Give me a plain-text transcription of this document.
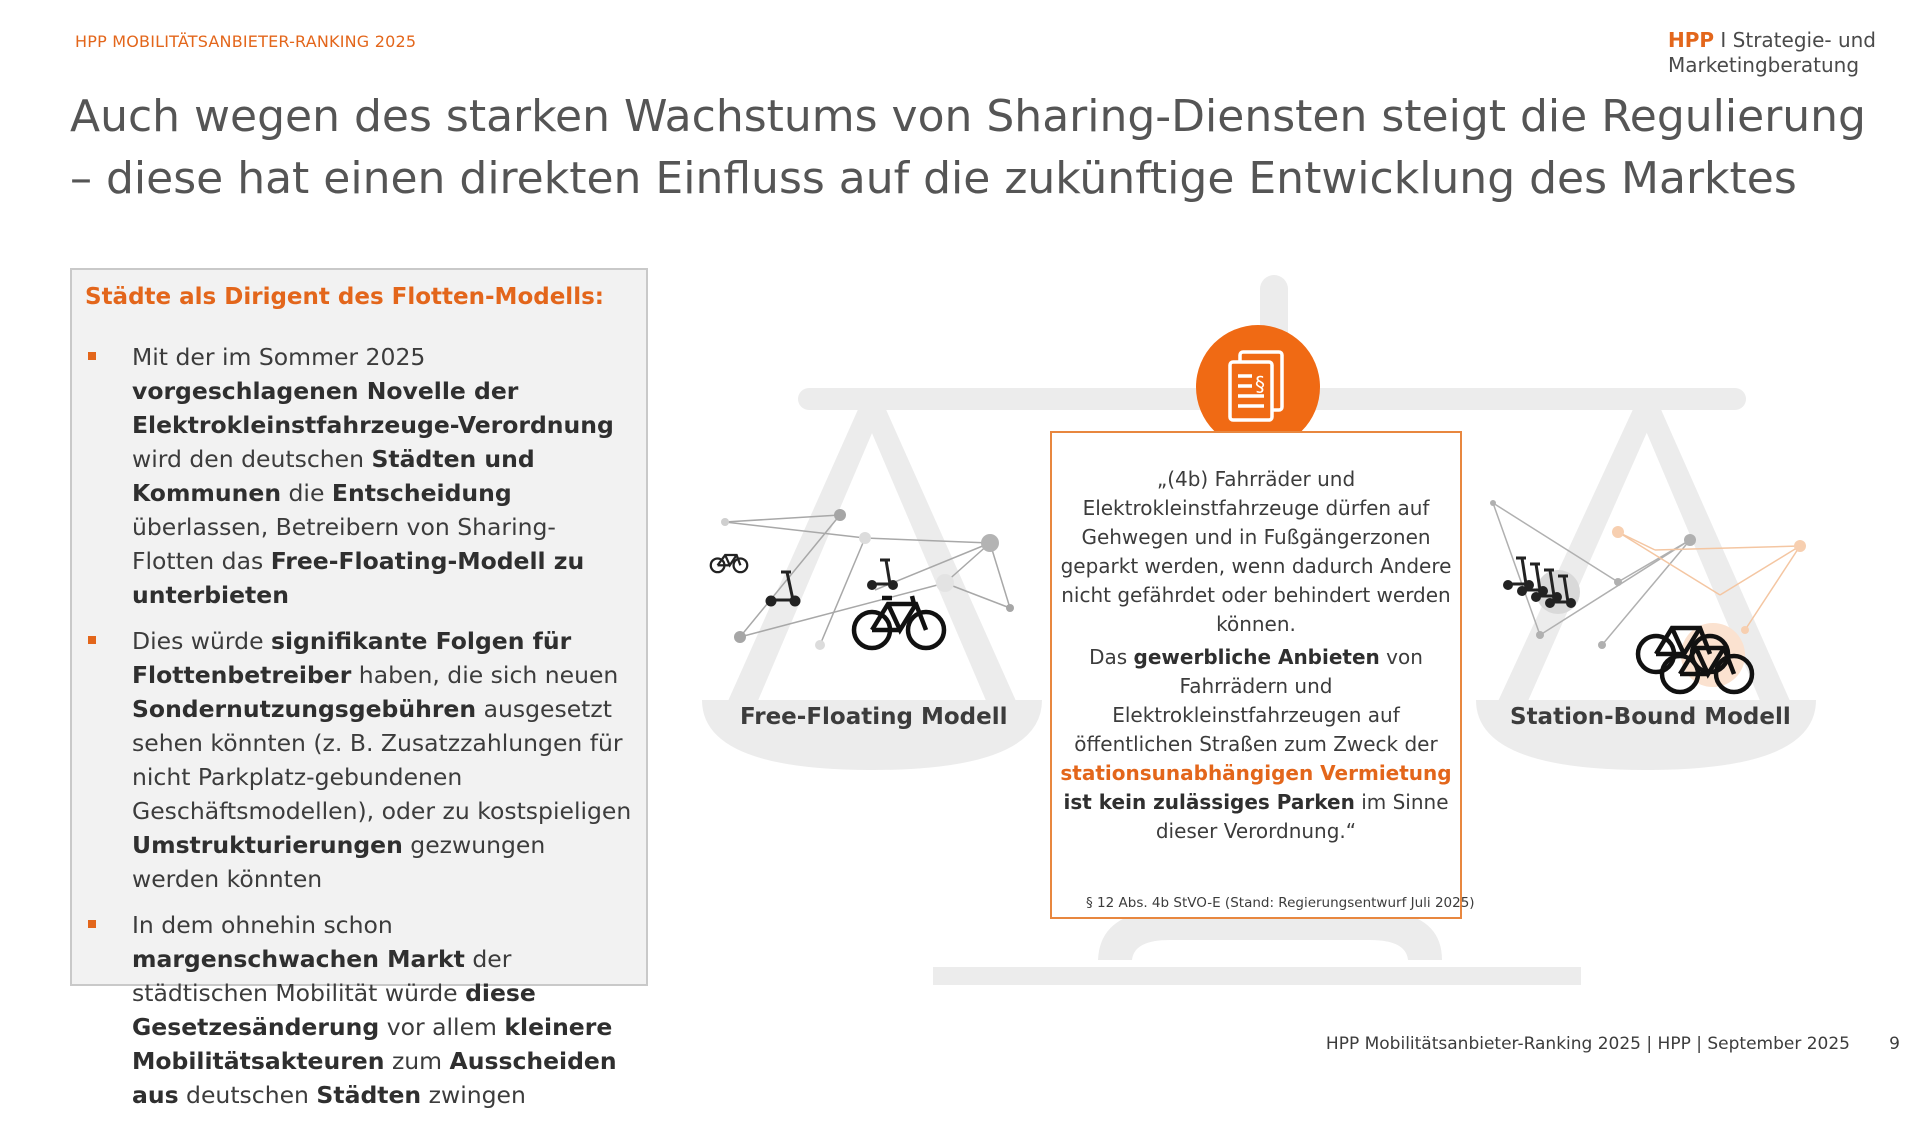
HPP MOBILITÄTSANBIETER-RANKING 2025	HPP I Strategie- und
Marketingberatung
Auch wegen des starken Wachstums von Sharing-Diensten steigt die Regulierung
– diese hat einen direkten Einfluss auf die zukünftige Entwicklung des Marktes
Städte als Dirigent des Flotten-Modells:
Mit der im Sommer 2025 vorgeschlagenen Novelle der Elektrokleinstfahrzeuge-Verordnung wird den deutschen Städten und Kommunen die Entscheidung überlassen, Betreibern von Sharing-Flotten das Free-Floating-Modell zu unterbieten
Dies würde signifikante Folgen für Flottenbetreiber haben, die sich neuen Sondernutzungsgebühren ausgesetzt sehen könnten (z. B. Zusatzzahlungen für nicht Parkplatz-gebundenen Geschäftsmodellen), oder zu kostspieligen Umstrukturierungen gezwungen werden könnten
In dem ohnehin schon margenschwachen Markt der städtischen Mobilität würde diese Gesetzesänderung vor allem kleinere Mobilitätsakteuren zum Ausscheiden aus deutschen Städten zwingen
§
Free-Floating Modell	Station-Bound Modell

„(4b) Fahrräder und Elektrokleinstfahrzeuge dürfen auf Gehwegen und in Fußgängerzonen geparkt werden, wenn dadurch Andere nicht gefährdet oder behindert werden können.

Das gewerbliche Anbieten von Fahrrädern und Elektrokleinstfahrzeugen auf öffentlichen Straßen zum Zweck der stationsunabhängigen Vermietung ist kein zulässiges Parken im Sinne dieser Verordnung.“

§ 12 Abs. 4b StVO-E (Stand: Regierungsentwurf Juli 2025)
HPP Mobilitätsanbieter-Ranking 2025 | HPP | September 2025 9
